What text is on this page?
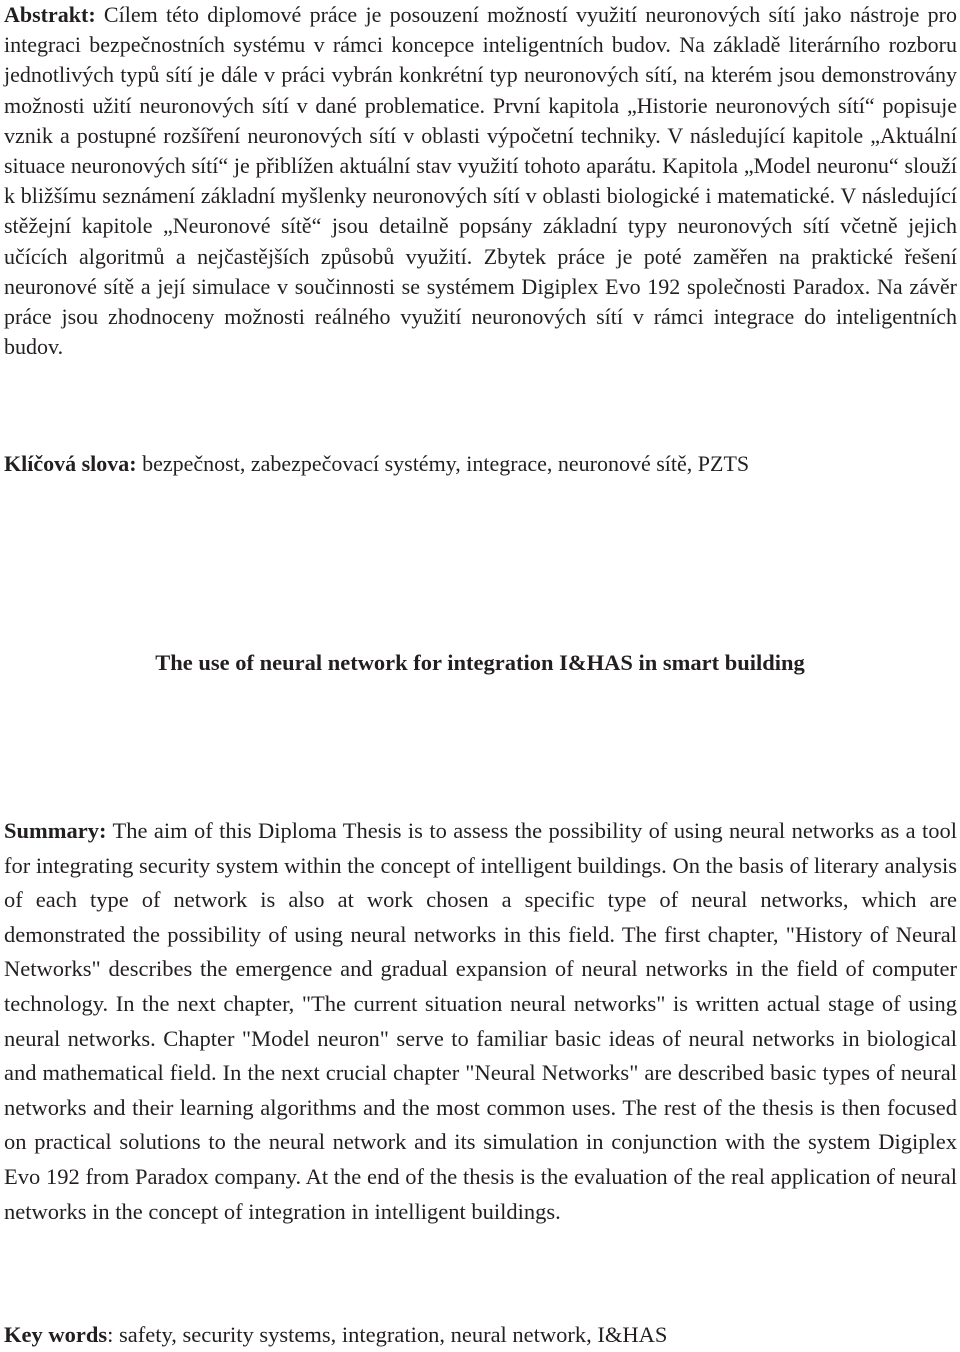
Abstrakt: Cílem této diplomové práce je posouzení možností využití neuronových sítí jako nástroje pro integraci bezpečnostních systému v rámci koncepce inteligentních budov. Na základě literárního rozboru jednotlivých typů sítí je dále v práci vybrán konkrétní typ neuronových sítí, na kterém jsou demonstrovány možnosti užití neuronových sítí v dané problematice. První kapitola „Historie neuronových sítí“ popisuje vznik a postupné rozšíření neuronových sítí v oblasti výpočetní techniky. V následující kapitole „Aktuální situace neuronových sítí“ je přiblížen aktuální stav využití tohoto aparátu. Kapitola „Model neuronu“ slouží k bližšímu seznámení základní myšlenky neuronových sítí v oblasti biologické i matematické. V následující stěžejní kapitole „Neuronové sítě“ jsou detailně popsány základní typy neuronových sítí včetně jejich učících algoritmů a nejčastějších způsobů využití. Zbytek práce je poté zaměřen na praktické řešení neuronové sítě a její simulace v součinnosti se systémem Digiplex Evo 192 společnosti Paradox. Na závěr práce jsou zhodnoceny možnosti reálného využití neuronových sítí v rámci integrace do inteligentních budov.

Klíčová slova: bezpečnost, zabezpečovací systémy, integrace, neuronové sítě, PZTS

The use of neural network for integration I&HAS in smart building

Summary: The aim of this Diploma Thesis is to assess the possibility of using neural networks as a tool for integrating security system within the concept of intelligent buildings. On the basis of literary analysis of each type of network is also at work chosen a specific type of neural networks, which are demonstrated the possibility of using neural networks in this field. The first chapter, "History of Neural Networks" describes the emergence and gradual expansion of neural networks in the field of computer technology. In the next chapter, "The current situation neural networks" is written actual stage of using neural networks. Chapter "Model neuron" serve to familiar basic ideas of neural networks in biological and mathematical field. In the next crucial chapter "Neural Networks" are described basic types of neural networks and their learning algorithms and the most common uses. The rest of the thesis is then focused on practical solutions to the neural network and its simulation in conjunction with the system Digiplex Evo 192 from Paradox company. At the end of the thesis is the evaluation of the real application of neural networks in the concept of integration in intelligent buildings.

Key words: safety, security systems, integration, neural network, I&HAS
